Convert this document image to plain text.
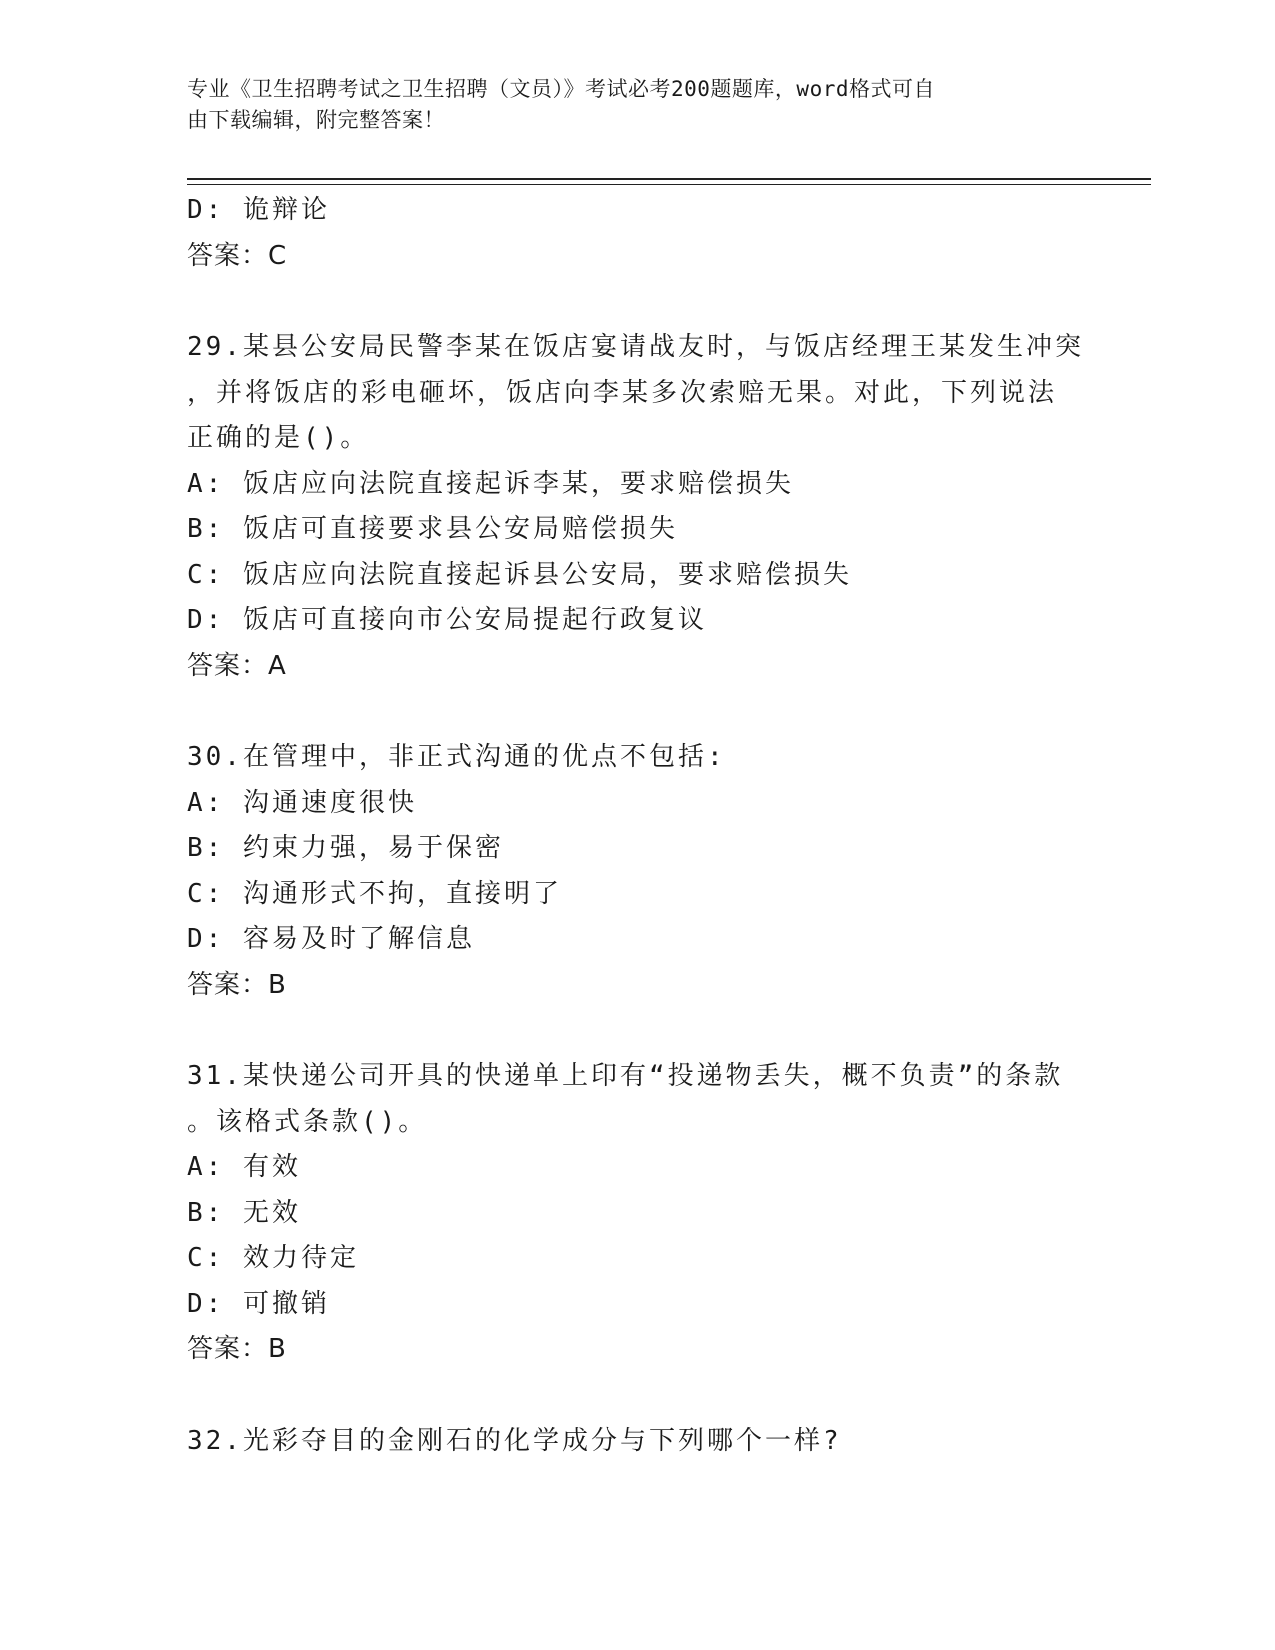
专业《卫生招聘考试之卫生招聘（文员）》考试必考200题题库，word格式可自
由下载编辑，附完整答案！
D: 诡辩论
答案：C
29.某县公安局民警李某在饭店宴请战友时，与饭店经理王某发生冲突
，并将饭店的彩电砸坏，饭店向李某多次索赔无果。对此，下列说法
正确的是()。
A: 饭店应向法院直接起诉李某，要求赔偿损失
B: 饭店可直接要求县公安局赔偿损失
C: 饭店应向法院直接起诉县公安局，要求赔偿损失
D: 饭店可直接向市公安局提起行政复议
答案：A
30.在管理中，非正式沟通的优点不包括:
A: 沟通速度很快
B: 约束力强，易于保密
C: 沟通形式不拘，直接明了
D: 容易及时了解信息
答案：B
31.某快递公司开具的快递单上印有“投递物丢失，概不负责”的条款
。该格式条款()。
A: 有效
B: 无效
C: 效力待定
D: 可撤销
答案：B
32.光彩夺目的金刚石的化学成分与下列哪个一样?
